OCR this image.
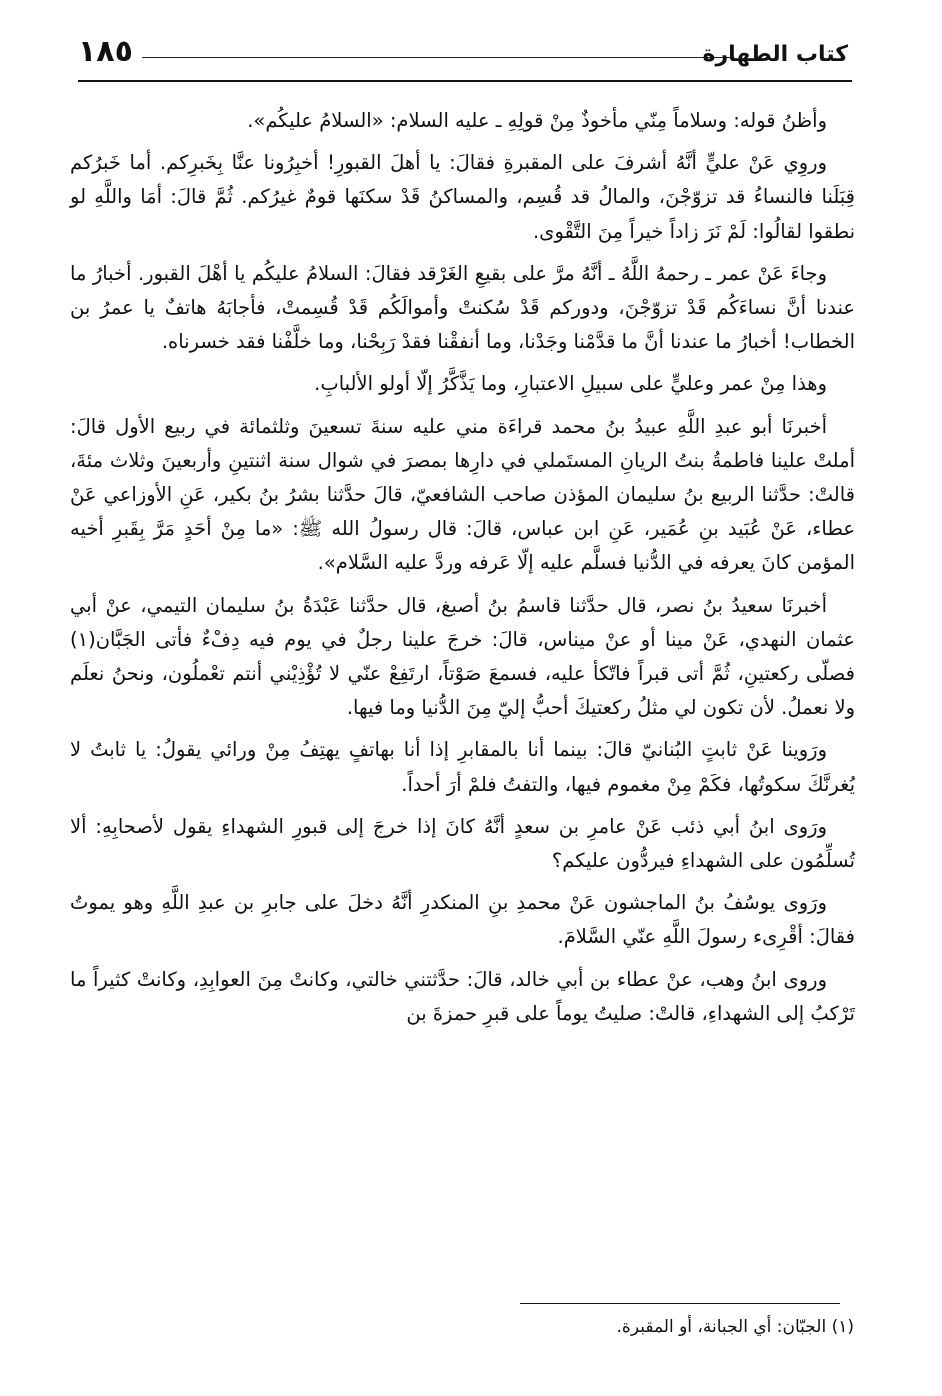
١٨٥	كتاب الطهارة

وأظنُ قوله: وسلاماً مِنّي مأخوذٌ مِنْ قولِهِ ـ عليه السلام: «السلامُ عليكُم».

وروِي عَنْ عليٍّ أنَّهُ أشرفَ على المقبرةِ فقالَ: يا أهلَ القبورِ! أخبِرُونا عنَّا بِخَبرِكم. أما خَبرُكم قِبَلَنا فالنساءُ قد تزوّجْنَ، والمالُ قد قُسِم، والمساكنُ قَدْ سكنَها قومٌ غيرُكم. ثُمَّ قالَ: أمَا واللَّهِ لو نطقوا لقالُوا: لَمْ نَرَ زاداً خيراً مِنَ التَّقْوى.

وجاءَ عَنْ عمر ـ رحمهُ اللَّهُ ـ أنَّهُ مرَّ على بقيعِ الغَرْقد فقالَ: السلامُ عليكُم يا أهْلَ القبور. أخبارُ ما عندنا أنَّ نساءَكُم قَدْ تزوّجْنَ، ودوركم قَدْ سُكنتْ وأموالَكُم قَدْ قُسِمتْ، فأجابَهُ هاتفٌ يا عمرُ بن الخطاب! أخبارُ ما عندنا أنَّ ما قدَّمْنا وجَدْنا، وما أنفقْنا فقدْ رَبِحْنا، وما خلَّفْنا فقد خسرناه.

وهذا مِنْ عمر وعليٍّ على سبيلِ الاعتبارِ، وما يَذَّكَّرُ إلّا أولو الألبابِ.

أخبرنَا أبو عبدِ اللَّهِ عبيدُ بنُ محمد قراءَة مني عليه سنةَ تسعينَ وثلثمائة في ربيع الأول قالَ: أملتْ علينا فاطمةُ بنتُ الريانِ المستَملي في دارِها بمصرَ في شوال سنة اثنتينِ وأربعينَ وثلاث مئةَ، قالتْ: حدَّثنا الربيع بنُ سليمان المؤذن صاحب الشافعيّ، قالَ حدَّثنا بشرُ بنُ بكير، عَنِ الأوزاعي عَنْ عطاء، عَنْ عُبَيد بنِ عُمَير، عَنِ ابن عباس، قالَ: قال رسولُ الله ﷺ: «ما مِنْ أحَدٍ مَرَّ بِقَبرِ أخيه المؤمن كانَ يعرفه في الدُّنيا فسلَّم عليه إلّا عَرفه وردَّ عليه السَّلام».

أخبرنَا سعيدُ بنُ نصر، قال حدَّثنا قاسمُ بنُ أصبغ، قال حدَّثنا عَبْدَةُ بنُ سليمان التيمي، عنْ أبي عثمان النهدي، عَنْ مينا أو عنْ ميناس، قالَ: خرجَ علينا رجلٌ في يوم فيه دِفْءٌ فأتى الجَبَّان(١) فصلّى ركعتينِ، ثُمَّ أتى قبراً فاتّكأ عليه، فسمعَ صَوْتاً، ارتَفِعْ عنّي لا تُؤْذِيْني أنتم تعْملُون، ونحنُ نعلَم ولا نعملُ. لأن تكون لي مثلُ ركعتيكَ أحبُّ إليّ مِنَ الدُّنيا وما فيها.

ورَوينا عَنْ ثابتٍ البُنانيّ قالَ: بينما أنا بالمقابرِ إذا أنا بهاتفٍ يهتِفُ مِنْ ورائي يقولُ: يا ثابتُ لا يُغرنَّكَ سكوتُها، فكَمْ مِنْ مغموم فيها، والتفتُ فلمْ أرَ أحداً.

ورَوى ابنُ أبي ذئب عَنْ عامرِ بن سعدٍ أنَّهُ كانَ إذا خرجَ إلى قبورِ الشهداءِ يقول لأصحابِهِ: ألا تُسلِّمُون على الشهداءِ فيردُّون عليكم؟

ورَوى يوسُفُ بنُ الماجشون عَنْ محمدِ بنِ المنكدرِ أنَّهُ دخلَ على جابرِ بن عبدِ اللَّهِ وهو يموتُ فقالَ: أقْرِىء رسولَ اللَّهِ عنّي السَّلامَ.

وروى ابنُ وهب، عنْ عطاء بن أبي خالد، قالَ: حدَّثتني خالتي، وكانتْ مِنَ العوابِدِ، وكانتْ كثيراً ما تَرْكبُ إلى الشهداءِ، قالتْ: صليتُ يوماً على قبرِ حمزةَ بن

(١) الجبّان: أي الجبانة، أو المقبرة.
